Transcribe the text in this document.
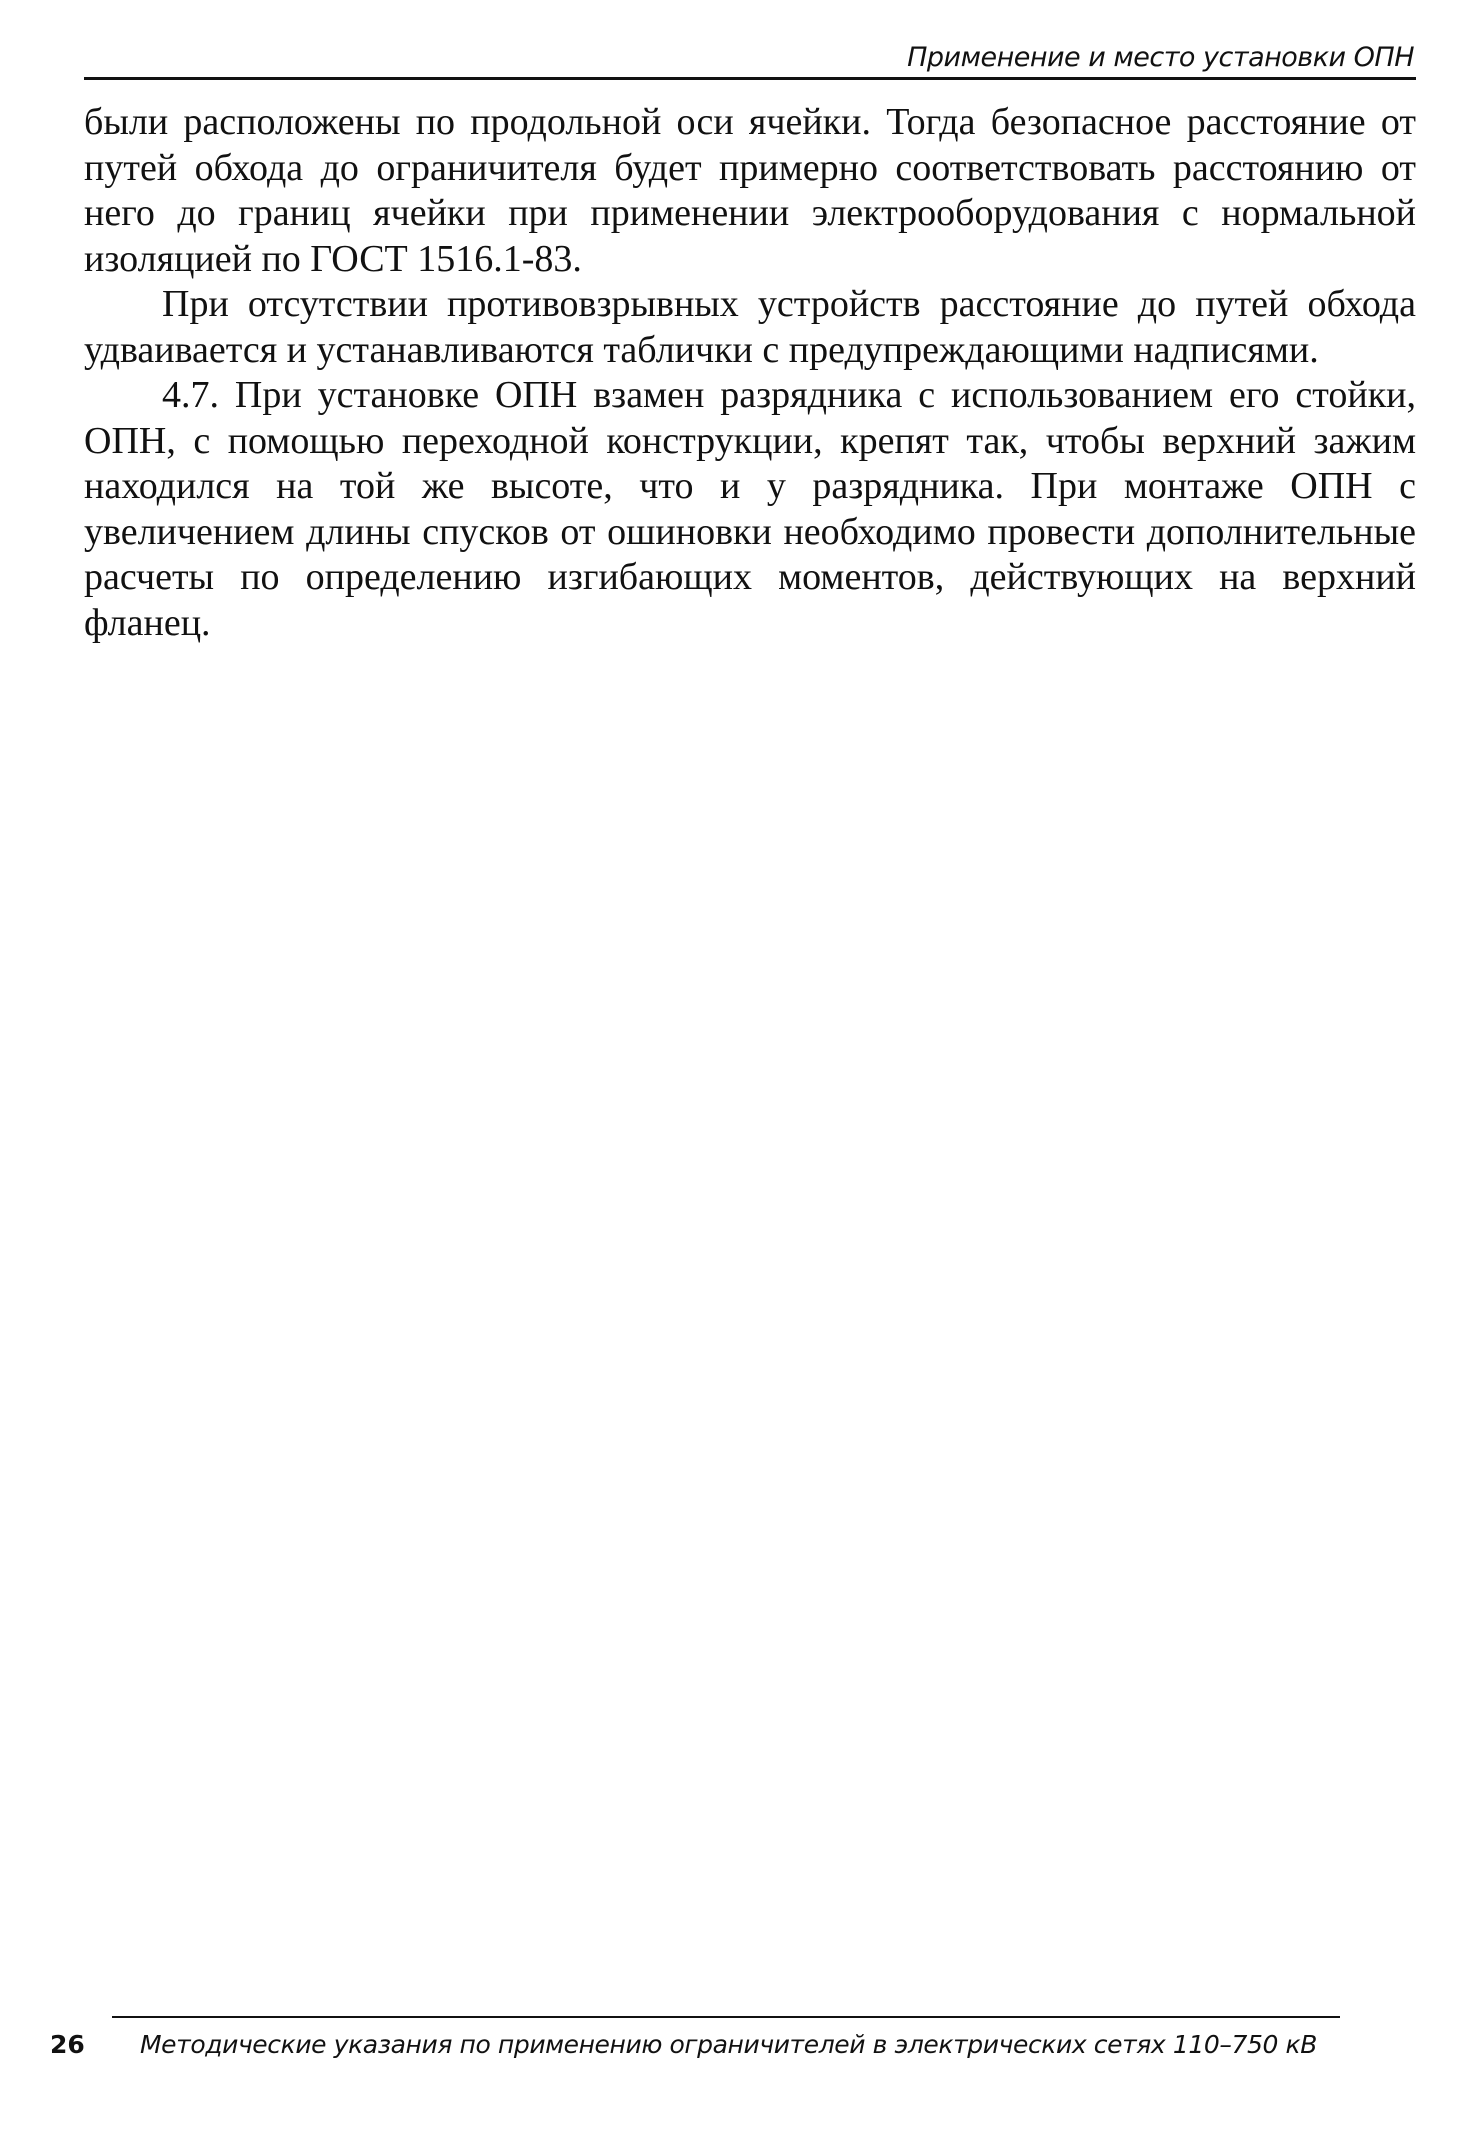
Применение и место установки ОПН

были расположены по продольной оси ячейки. Тогда безопасное расстояние от путей обхода до ограничителя будет примерно соответствовать расстоянию от него до границ ячейки при применении электрооборудования с нормальной изоляцией по ГОСТ 1516.1-83.

При отсутствии противовзрывных устройств расстояние до путей обхода удваивается и устанавливаются таблички с предупреждающими надписями.

4.7. При установке ОПН взамен разрядника с использованием его стойки, ОПН, с помощью переходной конструкции, крепят так, чтобы верхний зажим находился на той же высоте, что и у разрядника. При монтаже ОПН с увеличением длины спусков от ошиновки необходимо провести дополнительные расчеты по определению изгибающих моментов, действующих на верхний фланец.

26 Методические указания по применению ограничителей в электрических сетях 110–750 кВ
